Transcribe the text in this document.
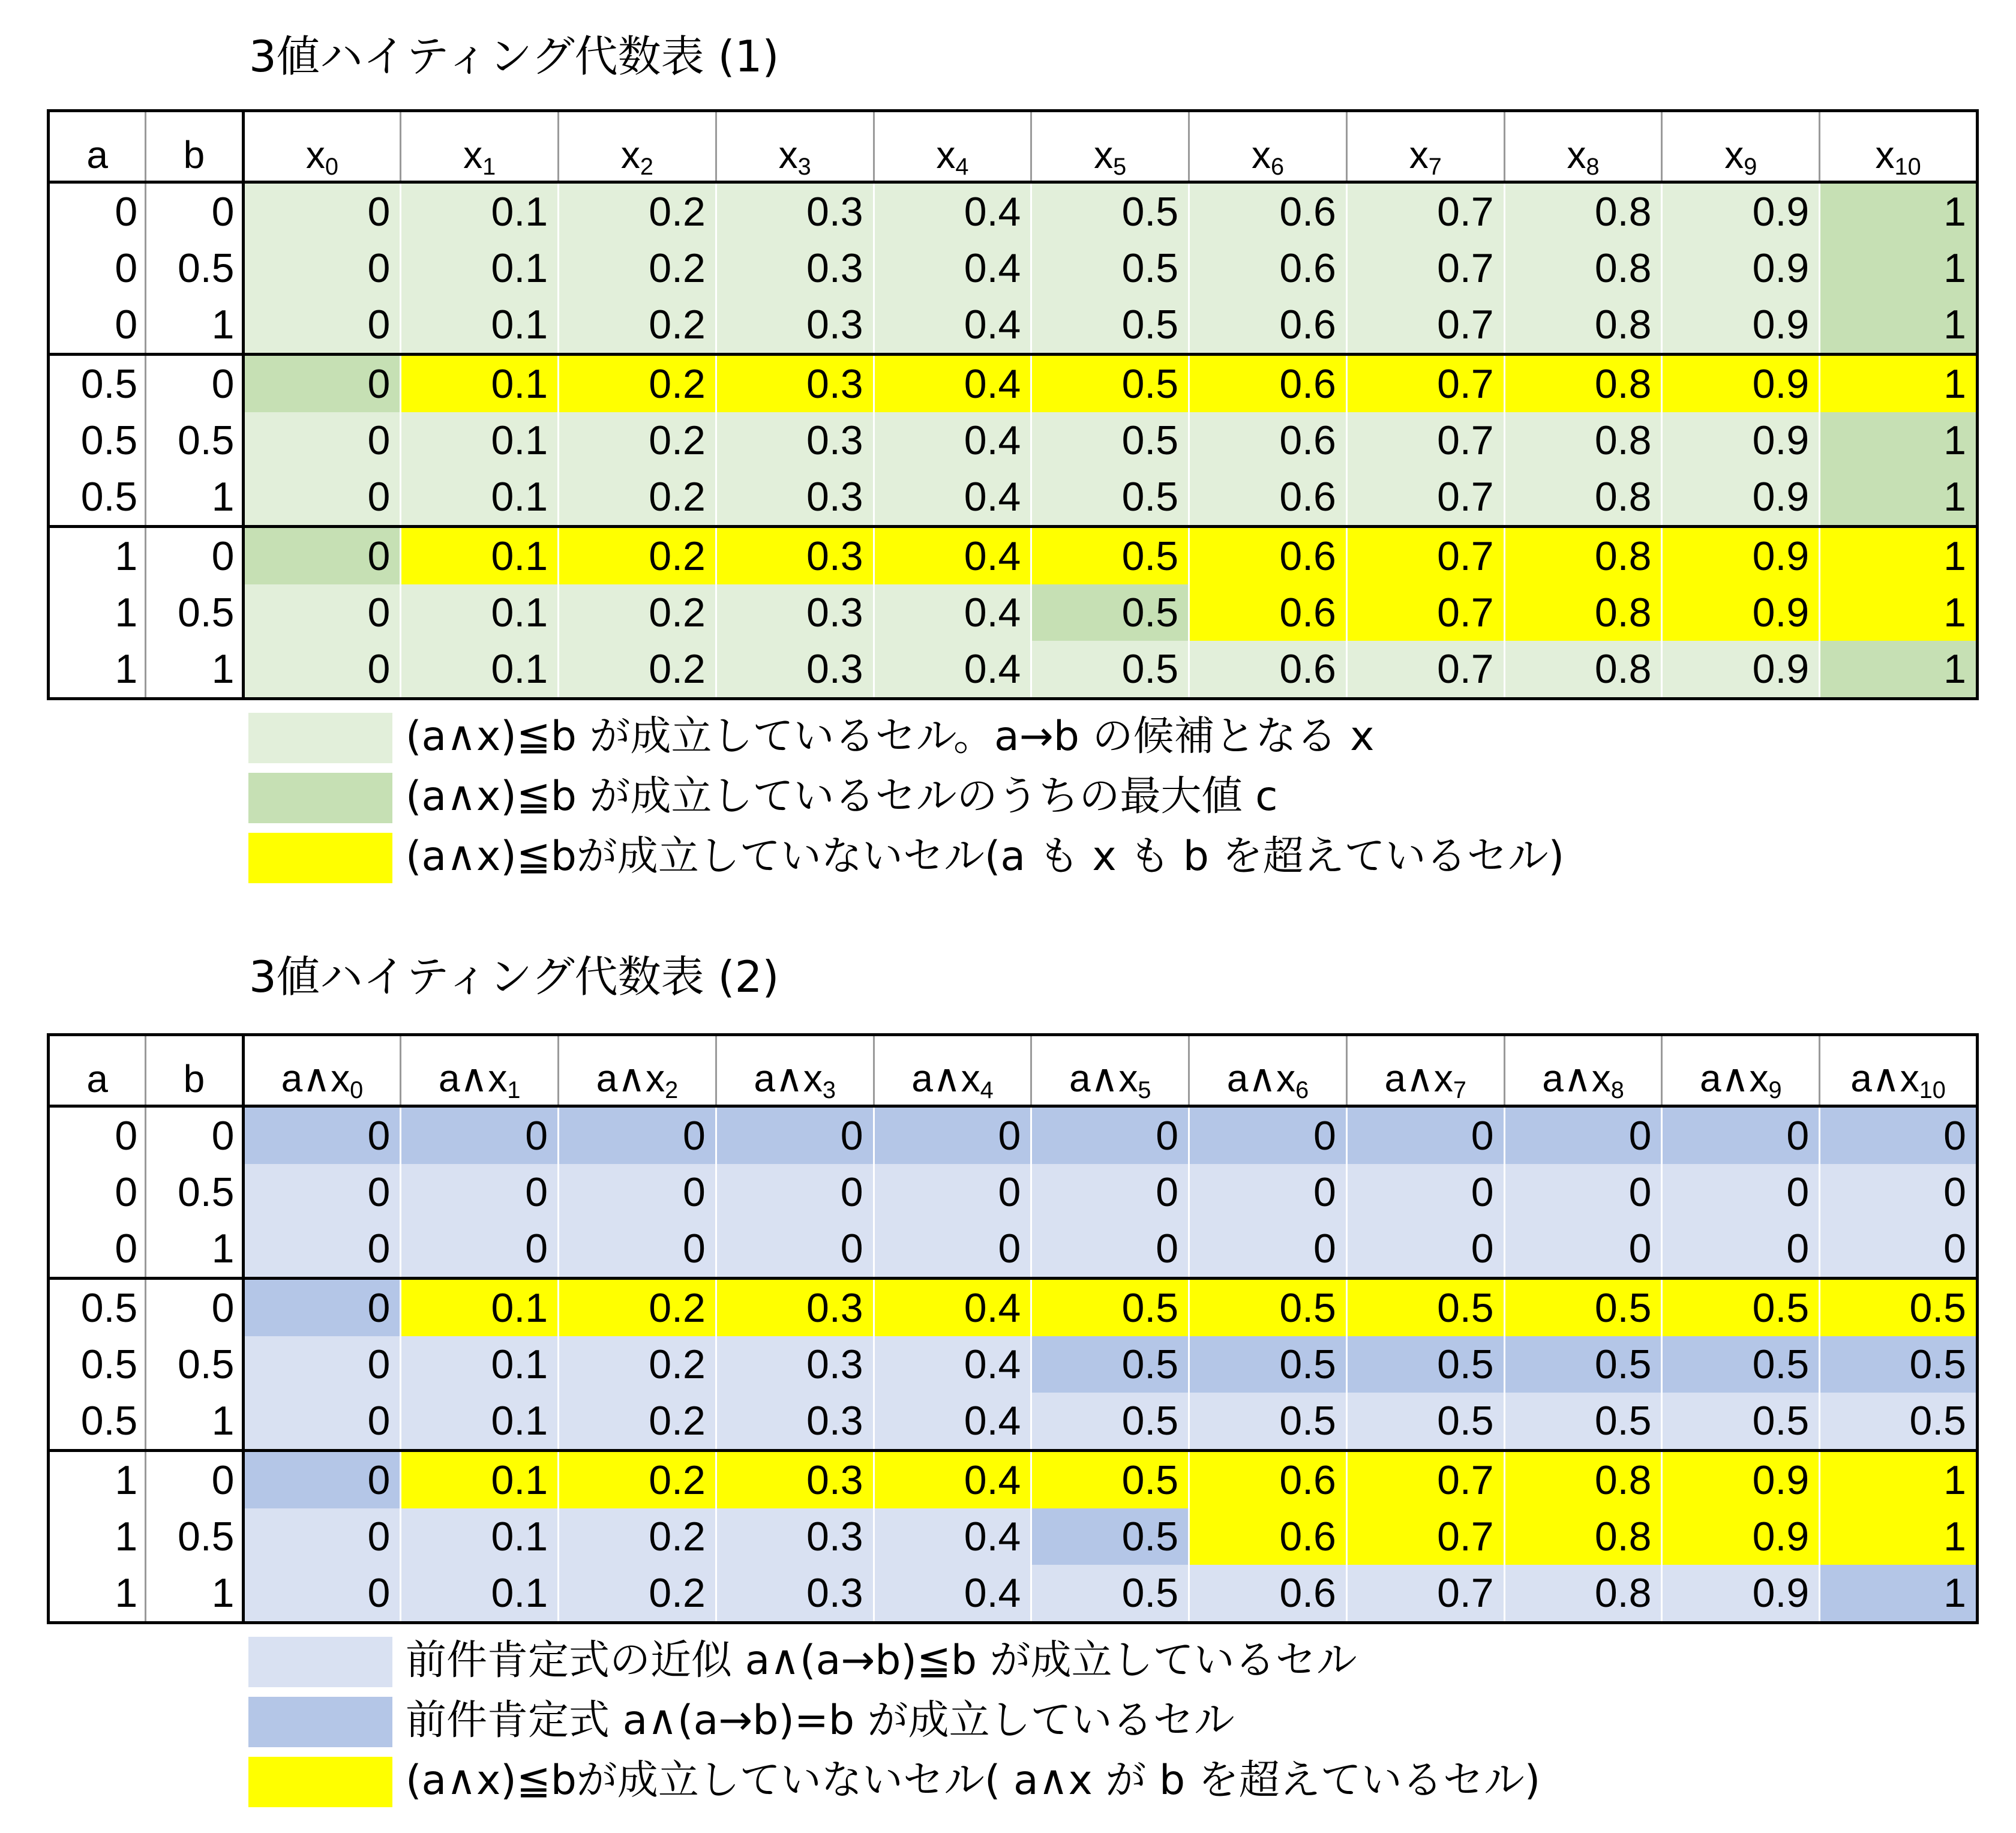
3値ハイティング代数表 (1)
a	b	$x_0$	$x_1$	$x_2$	$x_3$	$x_4$	$x_5$	$x_6$	$x_7$	$x_8$	$x_9$	$x_{10}$
0	0	0	0.1	0.2	0.3	0.4	0.5	0.6	0.7	0.8	0.9	1
0	0.5	0	0.1	0.2	0.3	0.4	0.5	0.6	0.7	0.8	0.9	1
0	1	0	0.1	0.2	0.3	0.4	0.5	0.6	0.7	0.8	0.9	1
0.5	0	0	0.1	0.2	0.3	0.4	0.5	0.6	0.7	0.8	0.9	1
0.5	0.5	0	0.1	0.2	0.3	0.4	0.5	0.6	0.7	0.8	0.9	1
0.5	1	0	0.1	0.2	0.3	0.4	0.5	0.6	0.7	0.8	0.9	1
1	0	0	0.1	0.2	0.3	0.4	0.5	0.6	0.7	0.8	0.9	1
1	0.5	0	0.1	0.2	0.3	0.4	0.5	0.6	0.7	0.8	0.9	1
1	1	0	0.1	0.2	0.3	0.4	0.5	0.6	0.7	0.8	0.9	1
(a∧x)≦b が成立しているセル。a→b の候補となる x
(a∧x)≦b が成立しているセルのうちの最大値 c
(a∧x)≦bが成立していないセル(a も x も b を超えているセル)
3値ハイティング代数表 (2)
a	b	$a\wedge x_0$	$a\wedge x_1$	$a\wedge x_2$	$a\wedge x_3$	$a\wedge x_4$	$a\wedge x_5$	$a\wedge x_6$	$a\wedge x_7$	$a\wedge x_8$	$a\wedge x_9$	$a\wedge x_{10}$
0	0	0	0	0	0	0	0	0	0	0	0	0
0	0.5	0	0	0	0	0	0	0	0	0	0	0
0	1	0	0	0	0	0	0	0	0	0	0	0
0.5	0	0	0.1	0.2	0.3	0.4	0.5	0.5	0.5	0.5	0.5	0.5
0.5	0.5	0	0.1	0.2	0.3	0.4	0.5	0.5	0.5	0.5	0.5	0.5
0.5	1	0	0.1	0.2	0.3	0.4	0.5	0.5	0.5	0.5	0.5	0.5
1	0	0	0.1	0.2	0.3	0.4	0.5	0.6	0.7	0.8	0.9	1
1	0.5	0	0.1	0.2	0.3	0.4	0.5	0.6	0.7	0.8	0.9	1
1	1	0	0.1	0.2	0.3	0.4	0.5	0.6	0.7	0.8	0.9	1
前件肯定式の近似 a∧(a→b)≦b が成立しているセル
前件肯定式 a∧(a→b)=b が成立しているセル
(a∧x)≦bが成立していないセル( a∧x が b を超えているセル)
